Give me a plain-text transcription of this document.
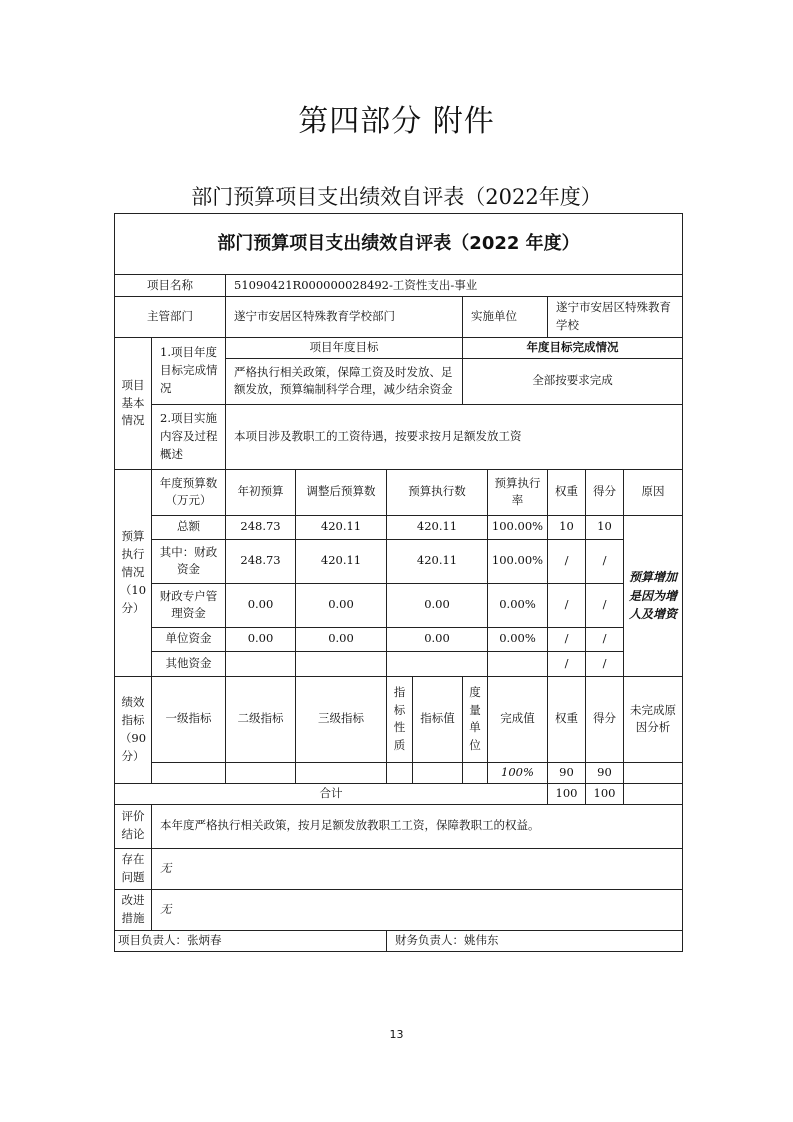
第四部分 附件
部门预算项目支出绩效自评表（2022年度）
部门预算项目支出绩效自评表（2022 年度）										
项目名称		51090421R000000028492-工资性支出-事业								
主管部门		遂宁市安居区特殊教育学校部门				实施单位		遂宁市安居区特殊教育学校		
项目基本情况	1.项目年度目标完成情况	项目年度目标				年度目标完成情况				
		严格执行相关政策，保障工资及时发放、足额发放，预算编制科学合理，减少结余资金				全部按要求完成				
	2.项目实施内容及过程概述	本项目涉及教职工的工资待遇，按要求按月足额发放工资								
预算执行情况（10分）	年度预算数（万元）	年初预算	调整后预算数	预算执行数			预算执行率	权重	得分	原因
	总额	248.73	420.11	420.11			100.00%	10	10	预算增加是因为增人及增资
	其中：财政资金	248.73	420.11	420.11			100.00%	/	/	
	财政专户管理资金	0.00	0.00	0.00			0.00%	/	/	
	单位资金	0.00	0.00	0.00			0.00%	/	/	
	其他资金							/	/	
绩效指标（90分）	一级指标	二级指标	三级指标	指标性质	指标值	度量单位	完成值	权重	得分	未完成原因分析
							100%	90	90	
合计								100	100	
评价结论	本年度严格执行相关政策，按月足额发放教职工工资，保障教职工的权益。									
存在问题	无									
改进措施	无									
项目负责人：张炳春				财务负责人：姚伟东						
13
